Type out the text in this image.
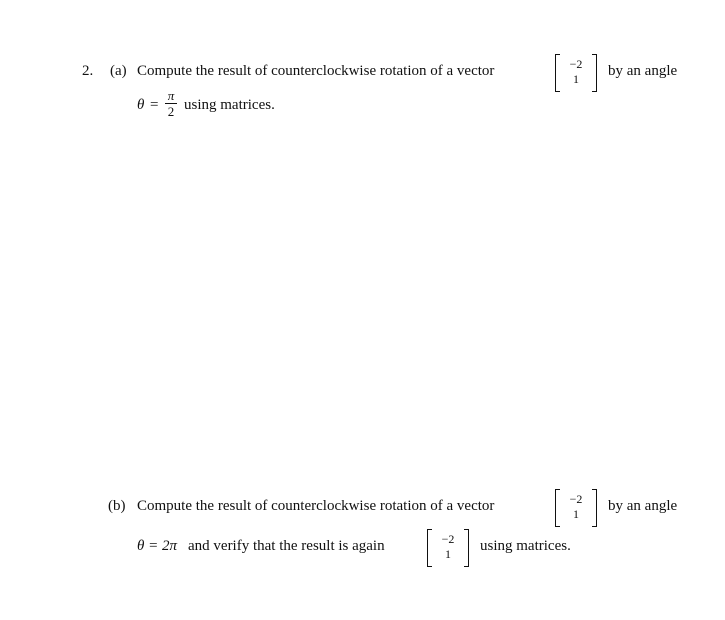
2. (a) Compute the result of counterclockwise rotation of a vector	−2
1	by an angle
θ =
π
2 using matrices.
(b) Compute the result of counterclockwise rotation of a vector	−2
1	by an angle
θ = 2π and verify that the result is again	−2
1	using matrices.
